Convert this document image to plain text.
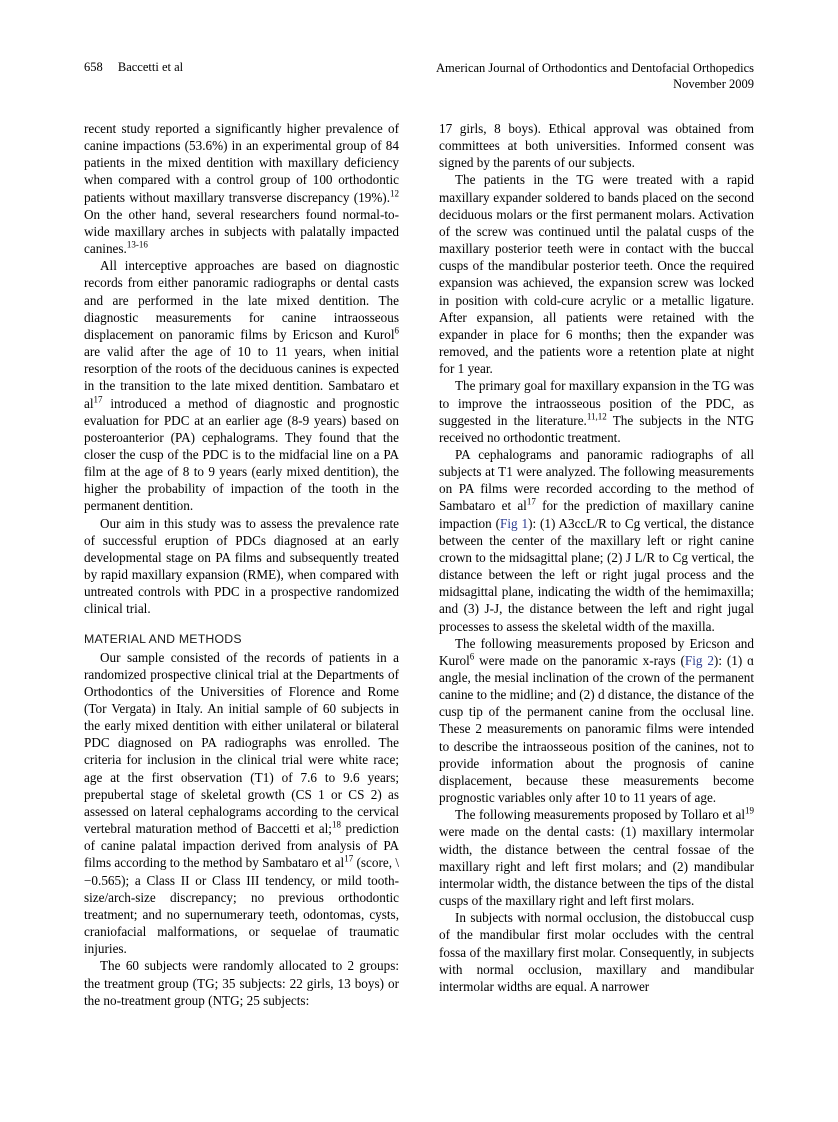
658 Baccetti et al	American Journal of Orthodontics and Dentofacial Orthopedics
November 2009

recent study reported a significantly higher prevalence of canine impactions (53.6%) in an experimental group of 84 patients in the mixed dentition with maxillary deficiency when compared with a control group of 100 orthodontic patients without maxillary transverse discrepancy (19%).$^{12}$ On the other hand, several researchers found normal-to-wide maxillary arches in subjects with palatally impacted canines.$^{13-16}$

All interceptive approaches are based on diagnostic records from either panoramic radiographs or dental casts and are performed in the late mixed dentition. The diagnostic measurements for canine intraosseous displacement on panoramic films by Ericson and Kurol$^6$ are valid after the age of 10 to 11 years, when initial resorption of the roots of the deciduous canines is expected in the transition to the late mixed dentition. Sambataro et $al^{17}$ introduced a method of diagnostic and prognostic evaluation for PDC at an earlier age (8-9 years) based on posteroanterior (PA) cephalograms. They found that the closer the cusp of the PDC is to the midfacial line on a PA film at the age of 8 to 9 years (early mixed dentition), the higher the probability of impaction of the tooth in the permanent dentition.

Our aim in this study was to assess the prevalence rate of successful eruption of PDCs diagnosed at an early developmental stage on PA films and subsequently treated by rapid maxillary expansion (RME), when compared with untreated controls with PDC in a prospective randomized clinical trial.

MATERIAL AND METHODS

Our sample consisted of the records of patients in a randomized prospective clinical trial at the Departments of Orthodontics of the Universities of Florence and Rome (Tor Vergata) in Italy. An initial sample of 60 subjects in the early mixed dentition with either unilateral or bilateral PDC diagnosed on PA radiographs was enrolled. The criteria for inclusion in the clinical trial were white race; age at the first observation (T1) of 7.6 to 9.6 years; prepubertal stage of skeletal growth (CS 1 or CS 2) as assessed on lateral cephalograms according to the cervical vertebral maturation method of Baccetti et al;$^{18}$ prediction of canine palatal impaction derived from analysis of PA films according to the method by Sambataro et $al^{17}$ (score, \ −0.565); a Class II or Class III tendency, or mild tooth-size/arch-size discrepancy; no previous orthodontic treatment; and no supernumerary teeth, odontomas, cysts, craniofacial malformations, or sequelae of traumatic injuries.

The 60 subjects were randomly allocated to 2 groups: the treatment group (TG; 35 subjects: 22 girls, 13 boys) or the no-treatment group (NTG; 25 subjects:

17 girls, 8 boys). Ethical approval was obtained from committees at both universities. Informed consent was signed by the parents of our subjects.

The patients in the TG were treated with a rapid maxillary expander soldered to bands placed on the second deciduous molars or the first permanent molars. Activation of the screw was continued until the palatal cusps of the maxillary posterior teeth were in contact with the buccal cusps of the mandibular posterior teeth. Once the required expansion was achieved, the expansion screw was locked in position with cold-cure acrylic or a metallic ligature. After expansion, all patients were retained with the expander in place for 6 months; then the expander was removed, and the patients wore a retention plate at night for 1 year.

The primary goal for maxillary expansion in the TG was to improve the intraosseous position of the PDC, as suggested in the literature.$^{11,12}$ The subjects in the NTG received no orthodontic treatment.

PA cephalograms and panoramic radiographs of all subjects at T1 were analyzed. The following measurements on PA films were recorded according to the method of Sambataro et $al^{17}$ for the prediction of maxillary canine impaction (Fig 1): (1) A3ccL/R to Cg vertical, the distance between the center of the maxillary left or right canine crown to the midsagittal plane; (2) J L/R to Cg vertical, the distance between the left or right jugal process and the midsagittal plane, indicating the width of the hemimaxilla; and (3) J-J, the distance between the left and right jugal processes to assess the skeletal width of the maxilla.

The following measurements proposed by Ericson and Kurol$^6$ were made on the panoramic x-rays (Fig 2): (1) ɑ angle, the mesial inclination of the crown of the permanent canine to the midline; and (2) d distance, the distance of the cusp tip of the permanent canine from the occlusal line. These 2 measurements on panoramic films were intended to describe the intraosseous position of the canines, not to provide information about the prognosis of canine displacement, because these measurements become prognostic variables only after 10 to 11 years of age.

The following measurements proposed by Tollaro et $al^{19}$ were made on the dental casts: (1) maxillary intermolar width, the distance between the central fossae of the maxillary right and left first molars; and (2) mandibular intermolar width, the distance between the tips of the distal cusps of the maxillary right and left first molars.

In subjects with normal occlusion, the distobuccal cusp of the mandibular first molar occludes with the central fossa of the maxillary first molar. Consequently, in subjects with normal occlusion, maxillary and mandibular intermolar widths are equal. A narrower
